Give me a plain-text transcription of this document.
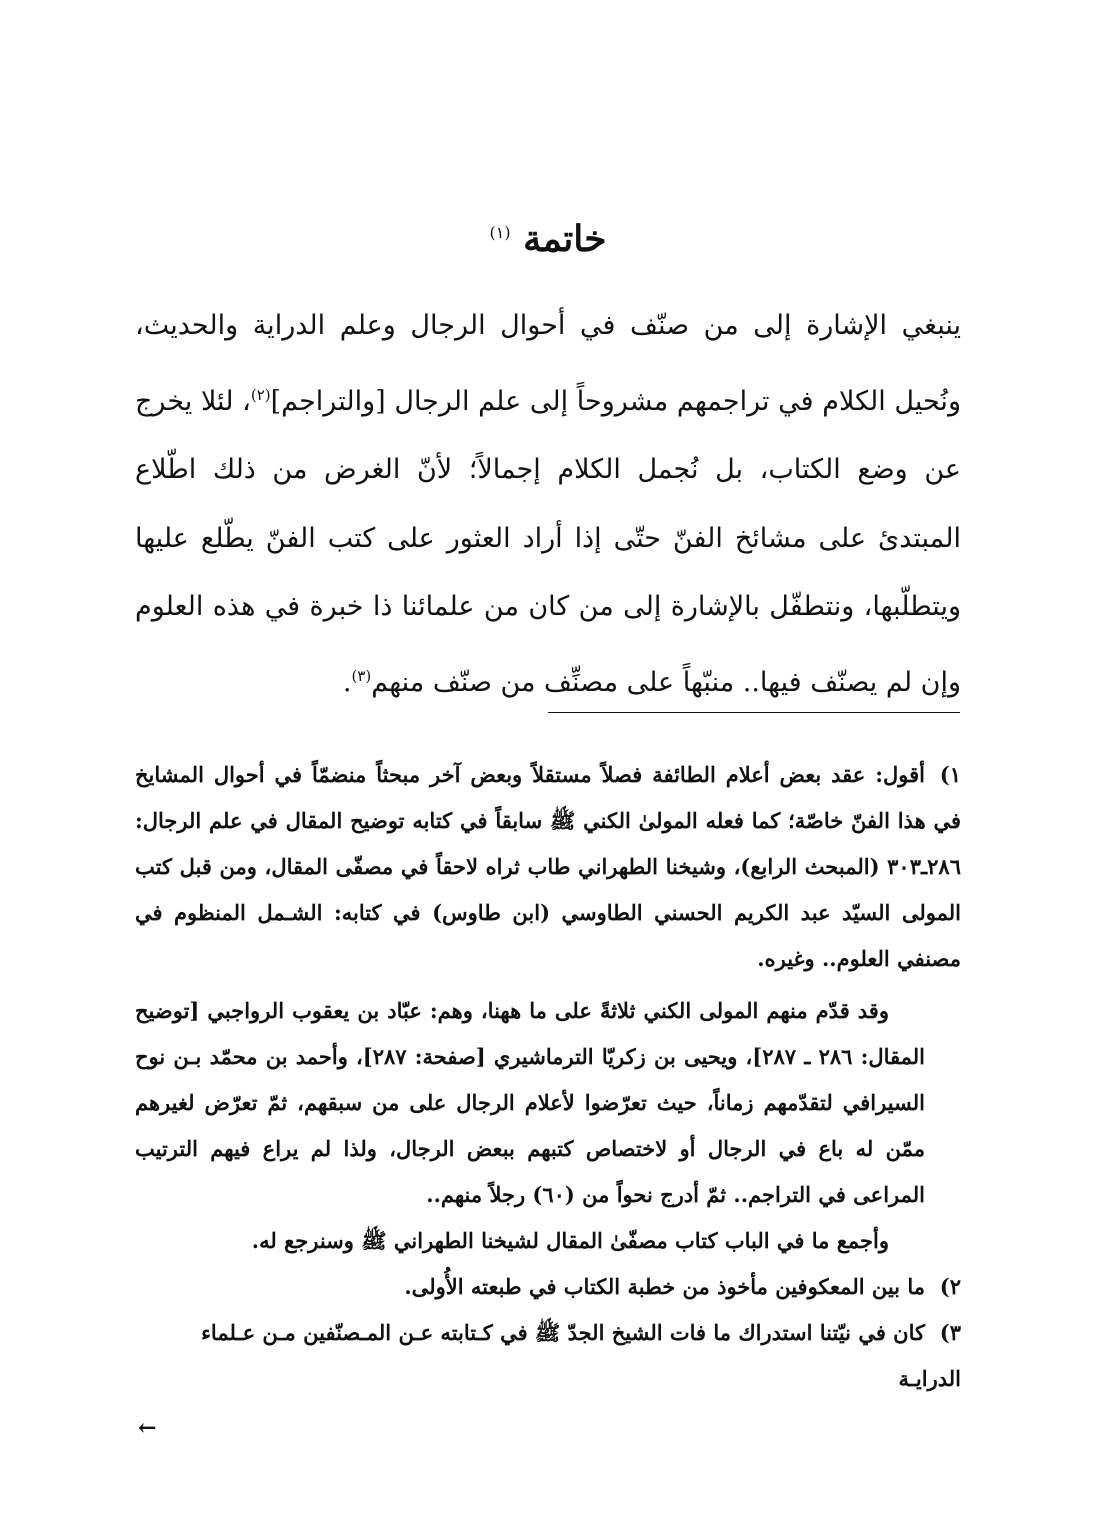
خاتمة $^{(١)}$
ينبغي الإشارة إلى من صنّف في أحوال الرجال وعلم الدراية والحديث، ونُحيل الكلام في تراجمهم مشروحاً إلى علم الرجال [والتراجم]$^{(٢)}$، لئلا يخرج عن وضع الكتاب، بل نُجمل الكلام إجمالاً؛ لأنّ الغرض من ذلك اطّلاع المبتدئ على مشائخ الفنّ حتّى إذا أراد العثور على كتب الفنّ يطّلع عليها ويتطلّبها، ونتطفّل بالإشارة إلى من كان من علمائنا ذا خبرة في هذه العلوم وإن لم يصنّف فيها.. منبّهاً على مصنِّف من صنّف منهم$^{(٣)}$.
١)أقول: عقد بعض أعلام الطائفة فصلاً مستقلاً وبعض آخر مبحثاً منضمّاً في أحوال المشايخ في هذا الفنّ خاصّة؛ كما فعله المولىٰ الكني ﷺ سابقاً في كتابه توضيح المقال في علم الرجال: ٢٨٦ـ٣٠٣ (المبحث الرابع)، وشيخنا الطهراني طاب ثراه لاحقاً في مصفّى المقال، ومن قبل كتب المولى السيّد عبد الكريم الحسني الطاوسي (ابن طاوس) في كتابه: الشـمل المنظوم في مصنفي العلوم.. وغيره.
وقد قدّم منهم المولى الكني ثلاثةً على ما ههنا، وهم: عبّاد بن يعقوب الرواجبي [توضيح المقال: ٢٨٦ ـ ٢٨٧]، ويحيى بن زكريّا الترماشيري [صفحة: ٢٨٧]، وأحمد بن محمّد بـن نوح السيرافي لتقدّمهم زماناً، حيث تعرّضوا لأعلام الرجال على من سبقهم، ثمّ تعرّض لغيرهم ممّن له باع في الرجال أو لاختصاص كتبهم ببعض الرجال، ولذا لم يراع فيهم الترتيب المراعى في التراجم.. ثمّ أدرج نحواً من (٦٠) رجلاً منهم..
وأجمع ما في الباب كتاب مصفّىٰ المقال لشيخنا الطهراني ﷺ وسنرجع له.
٢)ما بين المعكوفين مأخوذ من خطبة الكتاب في طبعته الأُولى.
٣)كان في نيّتنا استدراك ما فات الشيخ الجدّ ﷺ في كـتابته عـن المـصنّفين مـن عـلماء الدرايـة
←
